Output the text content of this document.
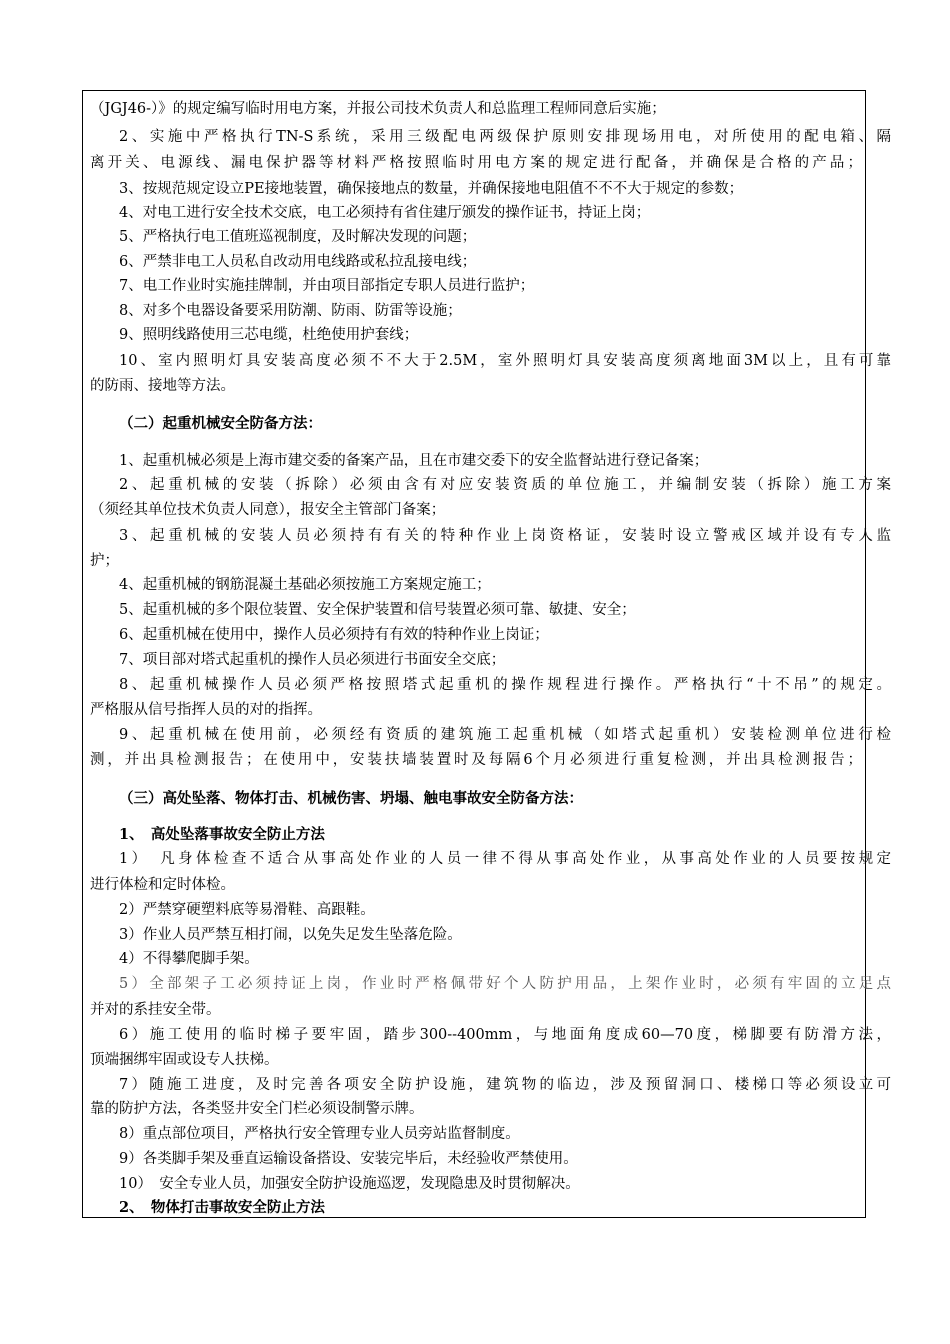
（JGJ46-）》的规定编写临时用电方案，并报公司技术负责人和总监理工程师同意后实施；
2、实施中严格执行TN-S系统，采用三级配电两级保护原则安排现场用电，对所使用的配电箱、隔
离开关、电源线、漏电保护器等材料严格按照临时用电方案的规定进行配备，并确保是合格的产品；
3、按规范规定设立PE接地装置，确保接地点的数量，并确保接地电阻值不不不大于规定的参数；
4、对电工进行安全技术交底，电工必须持有省住建厅颁发的操作证书，持证上岗；
5、严格执行电工值班巡视制度，及时解决发现的问题；
6、严禁非电工人员私自改动用电线路或私拉乱接电线；
7、电工作业时实施挂牌制，并由项目部指定专职人员进行监护；
8、对多个电器设备要采用防潮、防雨、防雷等设施；
9、照明线路使用三芯电缆，杜绝使用护套线；
10、室内照明灯具安装高度必须不不大于2.5M，室外照明灯具安装高度须离地面3M以上，且有可靠
的防雨、接地等方法。
（二）起重机械安全防备方法：
1、起重机械必须是上海市建交委的备案产品，且在市建交委下的安全监督站进行登记备案；
2、起重机械的安装（拆除）必须由含有对应安装资质的单位施工，并编制安装（拆除）施工方案
（须经其单位技术负责人同意），报安全主管部门备案；
3、起重机械的安装人员必须持有有关的特种作业上岗资格证，安装时设立警戒区域并设有专人监
护；
4、起重机械的钢筋混凝土基础必须按施工方案规定施工；
5、起重机械的多个限位装置、安全保护装置和信号装置必须可靠、敏捷、安全；
6、起重机械在使用中，操作人员必须持有有效的特种作业上岗证；
7、项目部对塔式起重机的操作人员必须进行书面安全交底；
8、起重机械操作人员必须严格按照塔式起重机的操作规程进行操作。严格执行“十不吊”的规定。
严格服从信号指挥人员的对的指挥。
9、起重机械在使用前，必须经有资质的建筑施工起重机械（如塔式起重机）安装检测单位进行检
测，并出具检测报告；在使用中，安装扶墙装置时及每隔6个月必须进行重复检测，并出具检测报告；
（三）高处坠落、物体打击、机械伤害、坍塌、触电事故安全防备方法：
1、　高处坠落事故安全防止方法
1）　凡身体检查不适合从事高处作业的人员一律不得从事高处作业，从事高处作业的人员要按规定
进行体检和定时体检。
2）严禁穿硬塑料底等易滑鞋、高跟鞋。
3）作业人员严禁互相打闹，以免失足发生坠落危险。
4）不得攀爬脚手架。
5）全部架子工必须持证上岗，作业时严格佩带好个人防护用品，上架作业时，必须有牢固的立足点
并对的系挂安全带。
6）施工使用的临时梯子要牢固，踏步300--400mm，与地面角度成60—70度，梯脚要有防滑方法，
顶端捆绑牢固或设专人扶梯。
7）随施工进度，及时完善各项安全防护设施，建筑物的临边，涉及预留洞口、楼梯口等必须设立可
靠的防护方法，各类竖井安全门栏必须设制警示牌。
8）重点部位项目，严格执行安全管理专业人员旁站监督制度。
9）各类脚手架及垂直运输设备搭设、安装完毕后，未经验收严禁使用。
10）　安全专业人员，加强安全防护设施巡逻，发现隐患及时贯彻解决。
2、　物体打击事故安全防止方法
